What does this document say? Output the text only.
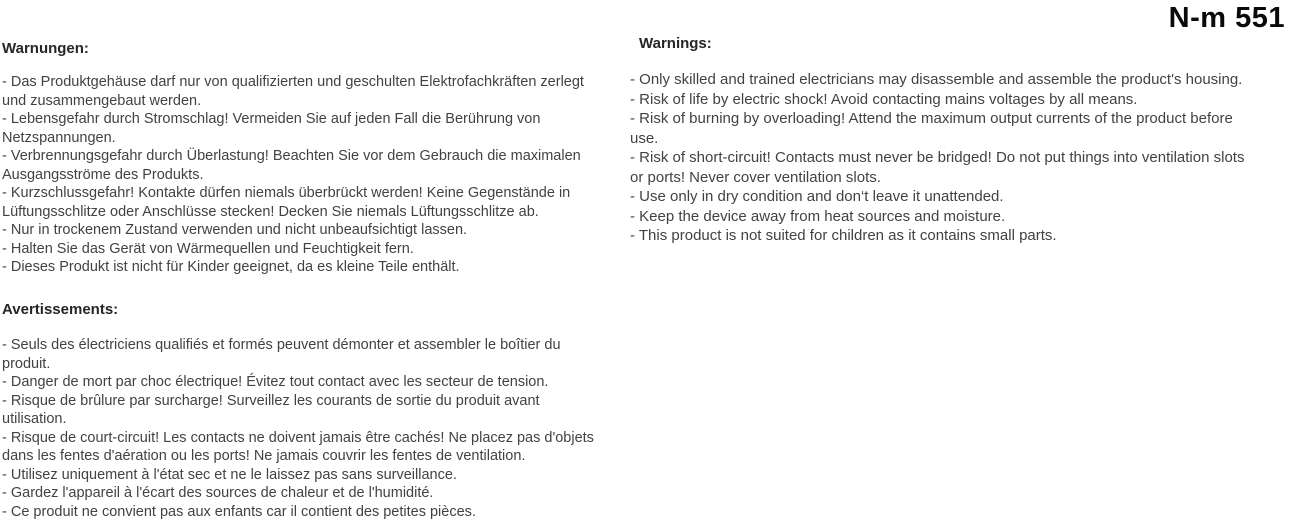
N-m 551
Warnungen:
- Das Produktgehäuse darf nur von qualifizierten und geschulten Elektrofachkräften zerlegt
und zusammengebaut werden.
- Lebensgefahr durch Stromschlag! Vermeiden Sie auf jeden Fall die Berührung von
Netzspannungen.
- Verbrennungsgefahr durch Überlastung! Beachten Sie vor dem Gebrauch die maximalen
Ausgangsströme des Produkts.
- Kurzschlussgefahr! Kontakte dürfen niemals überbrückt werden! Keine Gegenstände in
Lüftungsschlitze oder Anschlüsse stecken! Decken Sie niemals Lüftungsschlitze ab.
- Nur in trockenem Zustand verwenden und nicht unbeaufsichtigt lassen.
- Halten Sie das Gerät von Wärmequellen und Feuchtigkeit fern.
- Dieses Produkt ist nicht für Kinder geeignet, da es kleine Teile enthält.
Avertissements:
- Seuls des électriciens qualifiés et formés peuvent démonter et assembler le boîtier du
produit.
- Danger de mort par choc électrique! Évitez tout contact avec les secteur de tension.
- Risque de brûlure par surcharge! Surveillez les courants de sortie du produit avant
utilisation.
- Risque de court-circuit! Les contacts ne doivent jamais être cachés! Ne placez pas d'objets
dans les fentes d'aération ou les ports! Ne jamais couvrir les fentes de ventilation.
- Utilisez uniquement à l'état sec et ne le laissez pas sans surveillance.
- Gardez l'appareil à l'écart des sources de chaleur et de l'humidité.
- Ce produit ne convient pas aux enfants car il contient des petites pièces.
Warnings:
- Only skilled and trained electricians may disassemble and assemble the product's housing.
- Risk of life by electric shock! Avoid contacting mains voltages by all means.
- Risk of burning by overloading! Attend the maximum output currents of the product before
use.
- Risk of short-circuit! Contacts must never be bridged! Do not put things into ventilation slots
or ports! Never cover ventilation slots.
- Use only in dry condition and don‘t leave it unattended.
- Keep the device away from heat sources and moisture.
- This product is not suited for children as it contains small parts.
